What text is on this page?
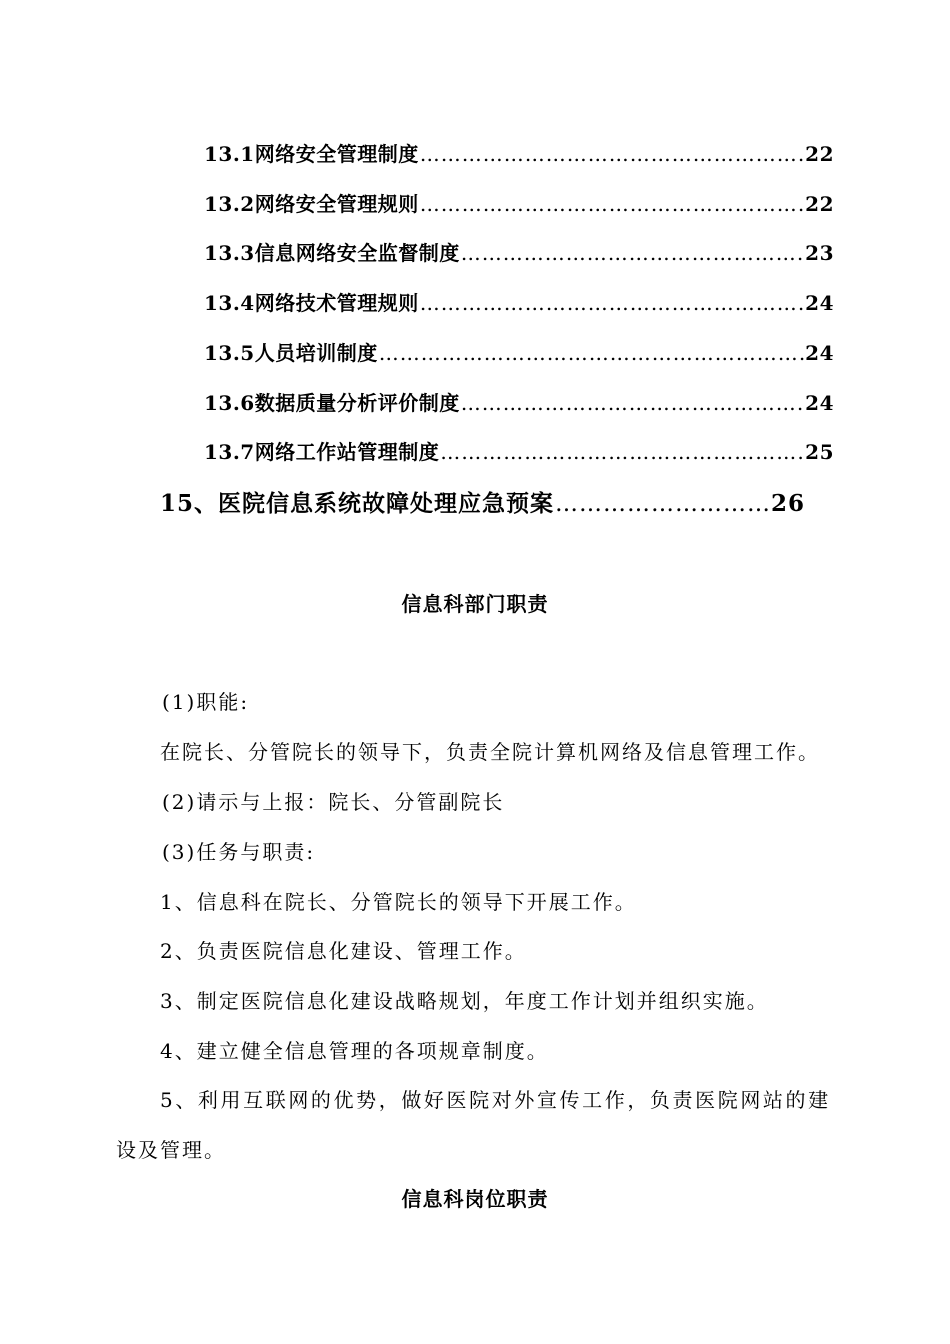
13.1网络安全管理制度 …………………………………………………………………………………………………………………………………………………………………………	22
13.2网络安全管理规则 …………………………………………………………………………………………………………………………………………………………………………	22
13.3信息网络安全监督制度 …………………………………………………………………………………………………………………………………………………………………………	23
13.4网络技术管理规则 …………………………………………………………………………………………………………………………………………………………………………	24
13.5人员培训制度 …………………………………………………………………………………………………………………………………………………………………………	24
13.6数据质量分析评价制度 …………………………………………………………………………………………………………………………………………………………………………	24
13.7网络工作站管理制度 …………………………………………………………………………………………………………………………………………………………………………	25
15、医院信息系统故障处理应急预案 …………………………………………………………………………………………………………………………………………………………………………	26
信息科部门职责
(1)职能:
在院长、分管院长的领导下，负责全院计算机网络及信息管理工作。
(2)请示与上报：院长、分管副院长
(3)任务与职责:
1、信息科在院长、分管院长的领导下开展工作。
2、负责医院信息化建设、管理工作。
3、制定医院信息化建设战略规划，年度工作计划并组织实施。
4、建立健全信息管理的各项规章制度。
5、利用互联网的优势，做好医院对外宣传工作，负责医院网站的建
设及管理。
信息科岗位职责
